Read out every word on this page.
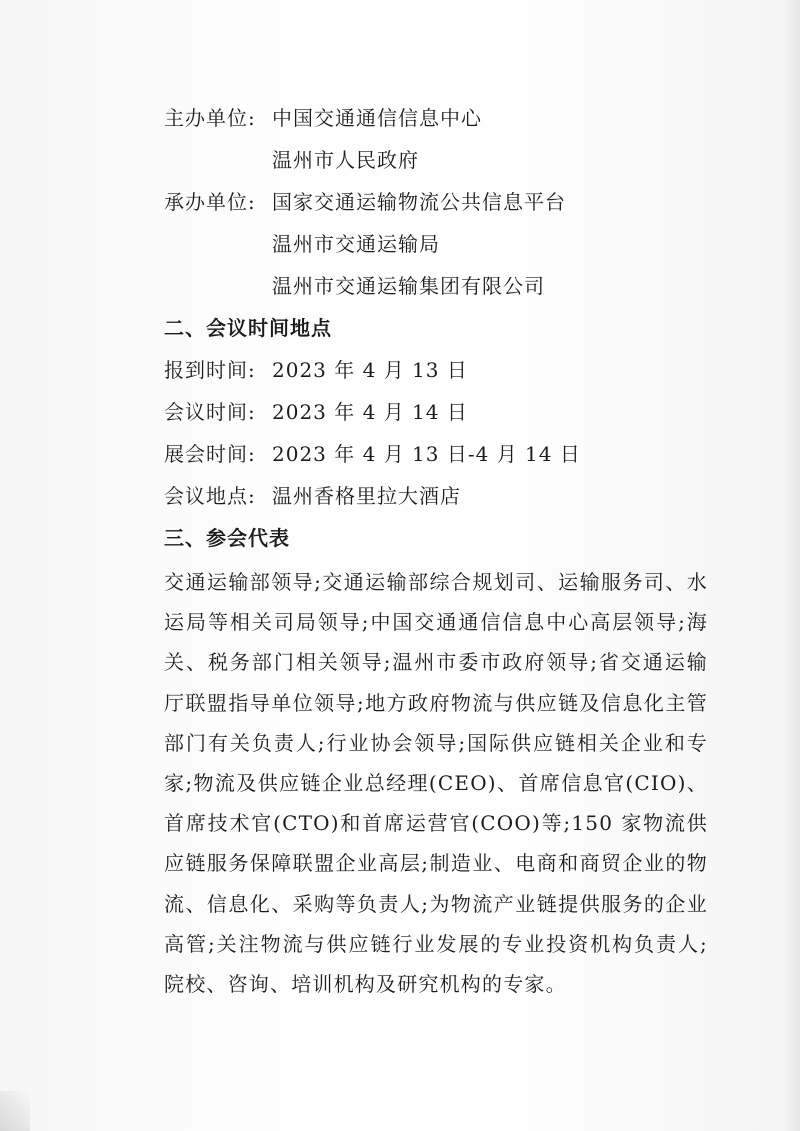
主办单位: 中国交通通信信息中心
温州市人民政府
承办单位: 国家交通运输物流公共信息平台
温州市交通运输局
温州市交通运输集团有限公司
二、会议时间地点
报到时间: 2023 年 4 月 13 日
会议时间: 2023 年 4 月 14 日
展会时间: 2023 年 4 月 13 日-4 月 14 日
会议地点: 温州香格里拉大酒店
三、参会代表

交通运输部领导;交通运输部综合规划司、运输服务司、水运局等相关司局领导;中国交通通信信息中心高层领导;海关、税务部门相关领导;温州市委市政府领导;省交通运输厅联盟指导单位领导;地方政府物流与供应链及信息化主管部门有关负责人;行业协会领导;国际供应链相关企业和专家;物流及供应链企业总经理(CEO)、首席信息官(CIO)、首席技术官(CTO)和首席运营官(COO)等;150 家物流供应链服务保障联盟企业高层;制造业、电商和商贸企业的物流、信息化、采购等负责人;为物流产业链提供服务的企业高管;关注物流与供应链行业发展的专业投资机构负责人;院校、咨询、培训机构及研究机构的专家。
